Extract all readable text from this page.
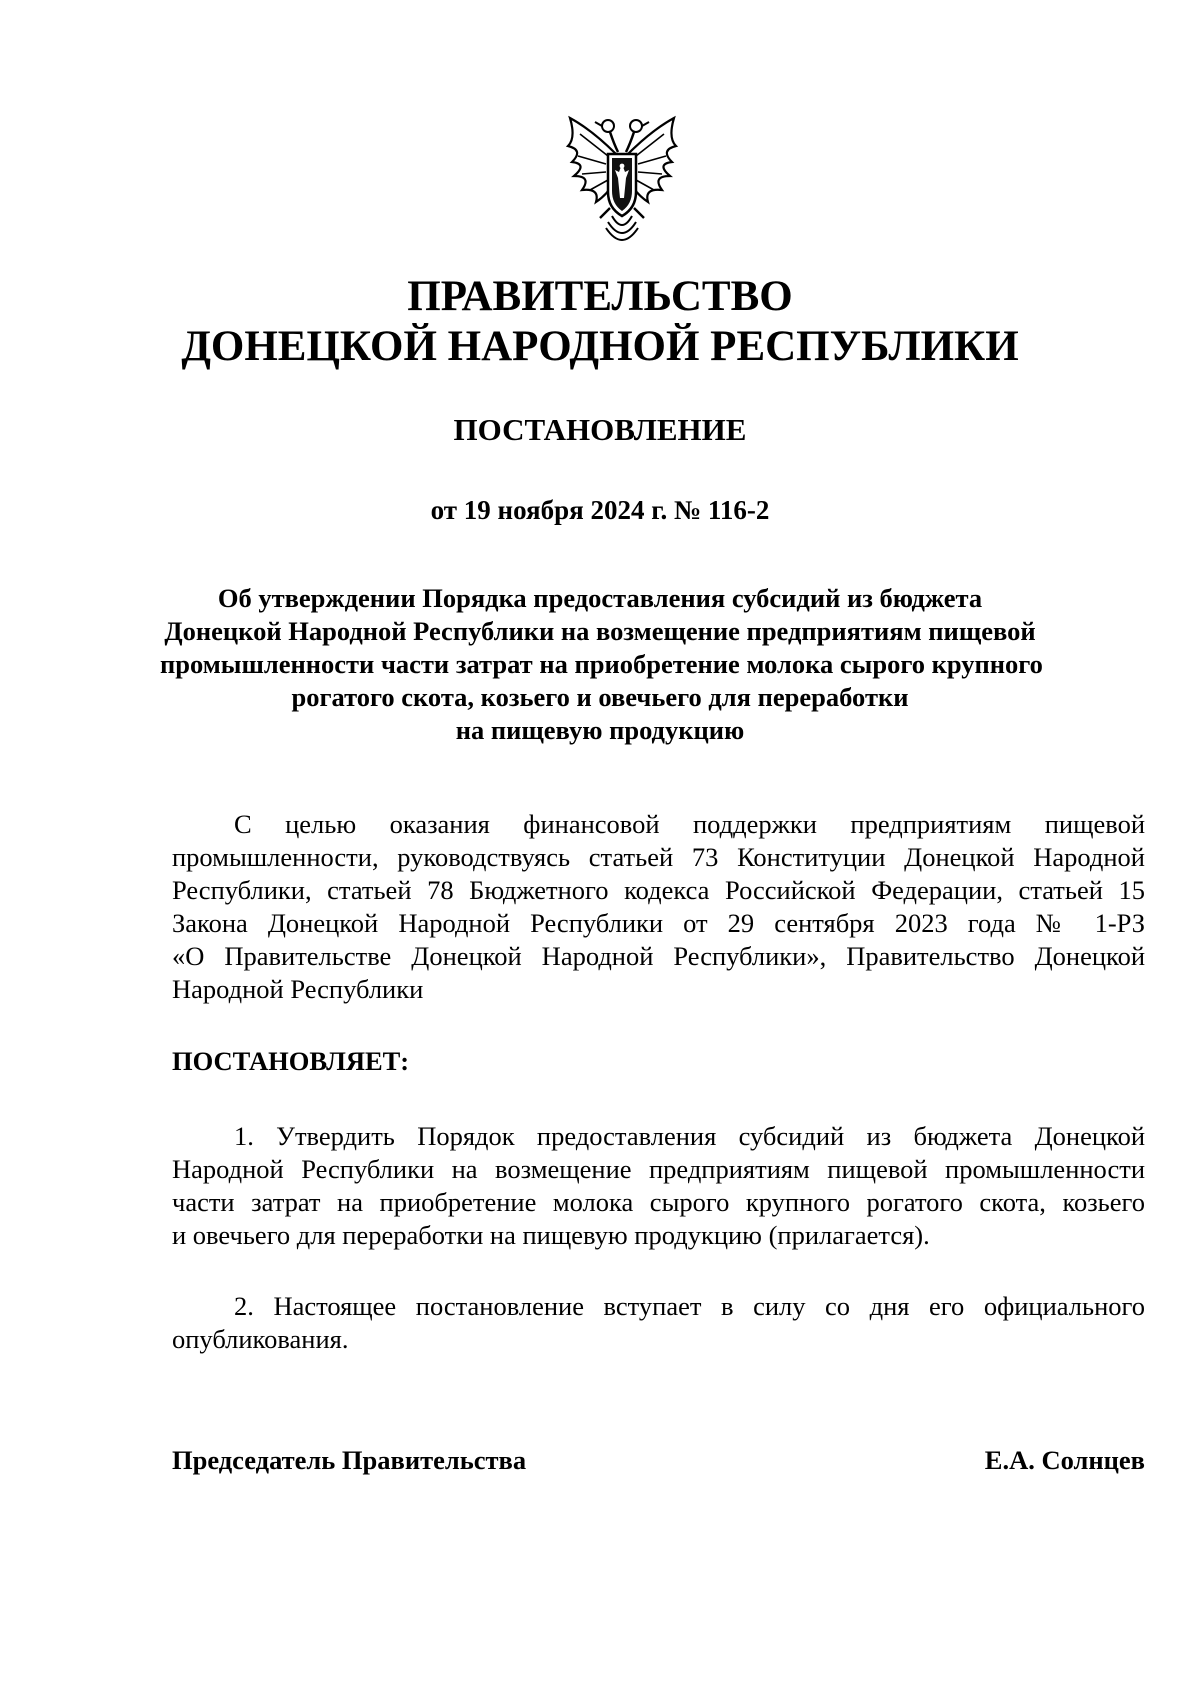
ПРАВИТЕЛЬСТВО
ДОНЕЦКОЙ НАРОДНОЙ РЕСПУБЛИКИ
ПОСТАНОВЛЕНИЕ
от 19 ноября 2024 г. № 116-2
Об утверждении Порядка предоставления субсидий из бюджета
Донецкой Народной Республики на возмещение предприятиям пищевой
промышленности части затрат на приобретение молока сырого крупного
рогатого скота, козьего и овечьего для переработки
на пищевую продукцию
С целью оказания финансовой поддержки предприятиям пищевой
промышленности, руководствуясь статьей 73 Конституции Донецкой Народной
Республики, статьей 78 Бюджетного кодекса Российской Федерации, статьей 15
Закона Донецкой Народной Республики от 29 сентября 2023 года № 1-РЗ
«О Правительстве Донецкой Народной Республики», Правительство Донецкой
Народной Республики
ПОСТАНОВЛЯЕТ:
1. Утвердить Порядок предоставления субсидий из бюджета Донецкой
Народной Республики на возмещение предприятиям пищевой промышленности
части затрат на приобретение молока сырого крупного рогатого скота, козьего
и овечьего для переработки на пищевую продукцию (прилагается).
2. Настоящее постановление вступает в силу со дня его официального
опубликования.
Председатель Правительства	Е.А. Солнцев
